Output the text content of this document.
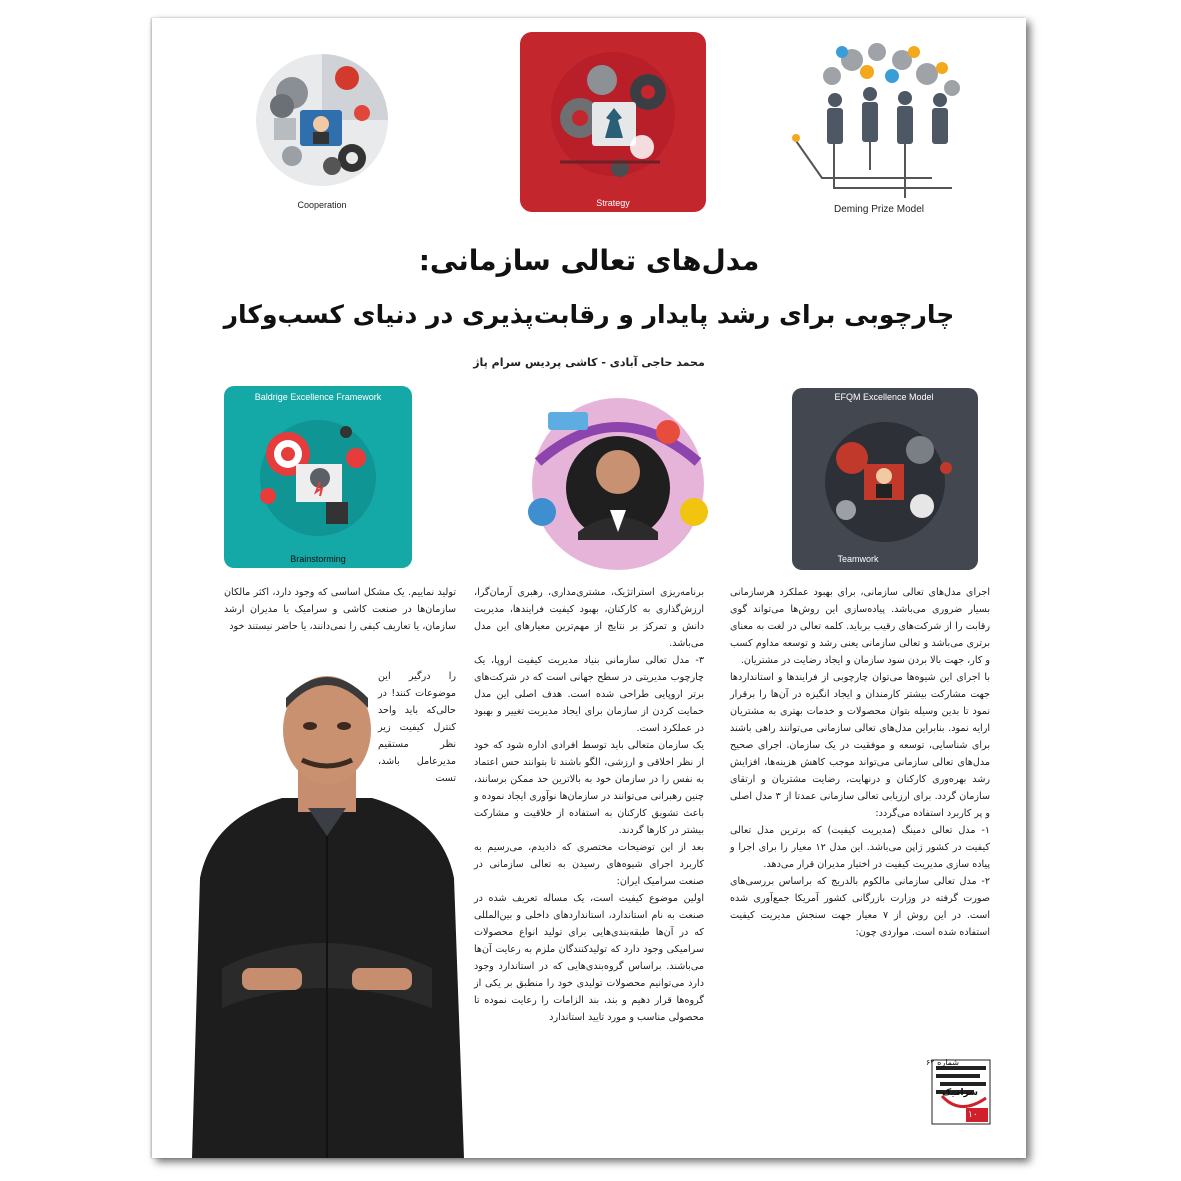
Cooperation	Strategy
Deming Prize Model
مدل‌های تعالی سازمانی:
چارچوبی برای رشد پایدار و رقابت‌پذیری در دنیای کسب‌وکار
محمد حاجی آبادی - کاشی پردیس سرام پاژ
Baldrige Excellence Framework
Brainstorming
EFQM Excellence Model
Teamwork
اجرای مدل‌های تعالی سازمانی، برای بهبود عملکرد هرسازمانی بسیار ضروری می‌باشد. پیاده‌سازی این روش‌ها می‌تواند گوی رقابت را از شرکت‌های رقیب برباید. کلمه تعالی در لغت به معنای برتری می‌باشد و تعالی سازمانی یعنی رشد و توسعه مداوم کسب و کار، جهت بالا بردن سود سازمان و ایجاد رضایت در مشتریان.
با اجرای این شیوه‌ها می‌توان چارچوبی از فرایندها و استانداردها جهت مشارکت بیشتر کارمندان و ایجاد انگیزه در آن‌ها را برقرار نمود تا بدین وسیله بتوان محصولات و خدمات بهتری به مشتریان ارایه نمود. بنابراین مدل‌های تعالی سازمانی می‌توانند راهی باشند برای شناسایی، توسعه و موفقیت در یک سازمان. اجرای صحیح مدل‌های تعالی سازمانی می‌تواند موجب کاهش هزینه‌ها، افزایش رشد بهره‌وری کارکنان و درنهایت، رضایت مشتریان و ارتقای سازمان گردد. برای ارزیابی تعالی سازمانی عمدتا از ۳ مدل اصلی و پر کاربرد استفاده می‌گردد:
۱- مدل تعالی دمینگ (مدیریت کیفیت) که برترین مدل تعالی کیفیت در کشور ژاپن می‌باشد. این مدل ۱۲ معیار را برای اجرا و پیاده سازی مدیریت کیفیت در اختیار مدیران قرار می‌دهد.
۲- مدل تعالی سازمانی مالکوم بالدریج که براساس بررسی‌های صورت گرفته در وزارت بازرگانی کشور آمریکا جمع‌آوری شده است. در این روش از ۷ معیار جهت سنجش مدیریت کیفیت استفاده شده است. مواردی چون:
برنامه‌ریزی استراتژیک، مشتری‌مداری، رهبری آرمان‌گرا، ارزش‌گذاری به کارکنان، بهبود کیفیت فرایندها، مدیریت دانش و تمرکز بر نتایج از مهم‌ترین معیارهای این مدل می‌باشد.
۳- مدل تعالی سازمانی بنیاد مدیریت کیفیت اروپا، یک چارچوب مدیریتی در سطح جهانی است که در شرکت‌های برتر اروپایی طراحی شده است. هدف اصلی این مدل حمایت کردن از سازمان برای ایجاد مدیریت تغییر و بهبود در عملکرد است.
یک سازمان متعالی باید توسط افرادی اداره شود که خود از نظر اخلاقی و ارزشی، الگو باشند تا بتوانند حس اعتماد به نفس را در سازمان خود به بالاترین حد ممکن برسانند، چنین رهبرانی می‌توانند در سازمان‌ها نوآوری ایجاد نموده و باعث تشویق کارکنان به استفاده از خلاقیت و مشارکت بیشتر در کارها گردند.
بعد از این توضیحات مختصری که دادیدم، می‌رسیم به کاربرد اجرای شیوه‌های رسیدن به تعالی سازمانی در صنعت سرامیک ایران:
اولین موضوع کیفیت است، یک مساله تعریف شده در صنعت به نام استاندارد، استانداردهای داخلی و بین‌المللی که در آن‌ها طبقه‌بندی‌هایی برای تولید انواع محصولات سرامیکی وجود دارد که تولیدکنندگان ملزم به رعایت آن‌ها می‌باشند. براساس گروه‌بندی‌هایی که در استاندارد وجود دارد می‌توانیم محصولات تولیدی خود را منطبق بر یکی از گروه‌ها قرار دهیم و بند، بند الزامات را رعایت نموده تا محصولی مناسب و مورد تایید استاندارد
تولید نماییم. یک مشکل اساسی که وجود دارد، اکثر مالکان سازمان‌ها در صنعت کاشی و سرامیک یا مدیران ارشد سازمان، یا تعاریف کیفی را نمی‌دانند، یا حاضر نیستند خود
را درگیر این موضوعات کنند! در حالی‌که باید واحد کنترل کیفیت زیر نظر مستقیم مدیرعامل باشد، تست
شماره ۶۲
سرامیک
۱۰
